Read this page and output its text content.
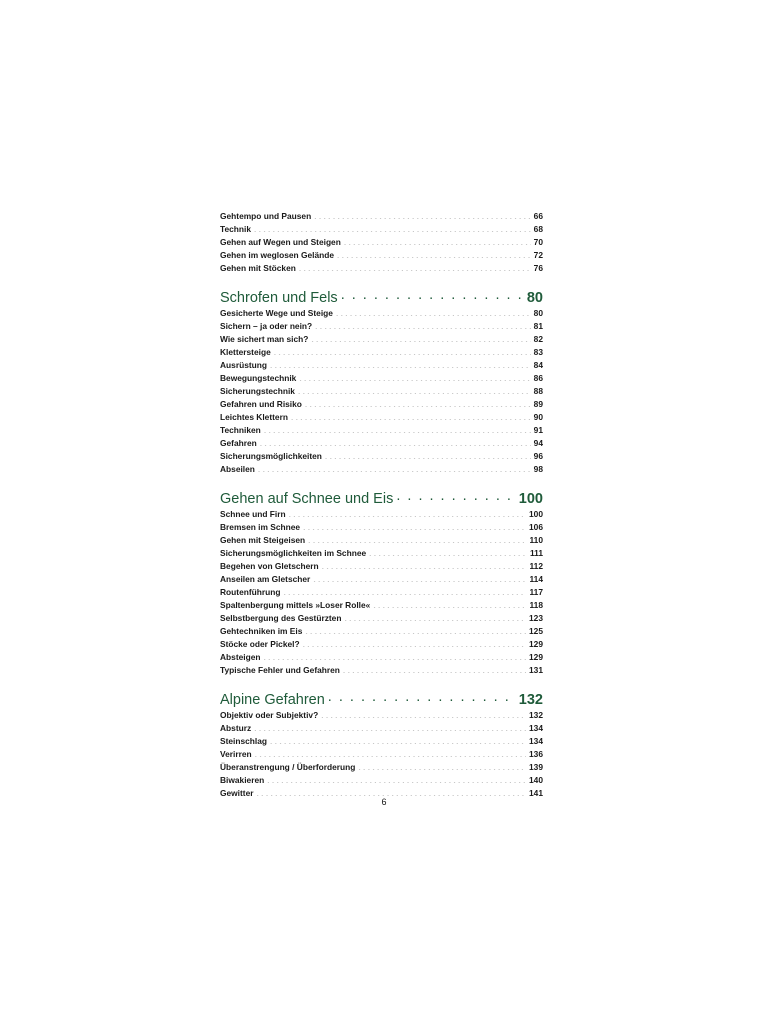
Gehtempo und Pausen . . .	66
Technik . . .	68
Gehen auf Wegen und Steigen . . .	70
Gehen im weglosen Gelände . . .	72
Gehen mit Stöcken . . .	76
Schrofen und Fels . . .	80
Gesicherte Wege und Steige . . .	80
Sichern – ja oder nein? . . .	81
Wie sichert man sich? . . .	82
Klettersteige . . .	83
Ausrüstung . . .	84
Bewegungstechnik . . .	86
Sicherungstechnik . . .	88
Gefahren und Risiko . . .	89
Leichtes Klettern . . .	90
Techniken . . .	91
Gefahren . . .	94
Sicherungsmöglichkeiten . . .	96
Abseilen . . .	98
Gehen auf Schnee und Eis . . .	100
Schnee und Firn . . .	100
Bremsen im Schnee . . .	106
Gehen mit Steigeisen . . .	110
Sicherungsmöglichkeiten im Schnee . . .	111
Begehen von Gletschern . . .	112
Anseilen am Gletscher . . .	114
Routenführung . . .	117
Spaltenbergung mittels »Loser Rolle« . . .	118
Selbstbergung des Gestürzten . . .	123
Gehtechniken im Eis . . .	125
Stöcke oder Pickel? . . .	129
Absteigen . . .	129
Typische Fehler und Gefahren . . .	131
Alpine Gefahren . . .	132
Objektiv oder Subjektiv? . . .	132
Absturz . . .	134
Steinschlag . . .	134
Verirren . . .	136
Überanstrengung / Überforderung . . .	139
Biwakieren . . .	140
Gewitter . . .	141
6
